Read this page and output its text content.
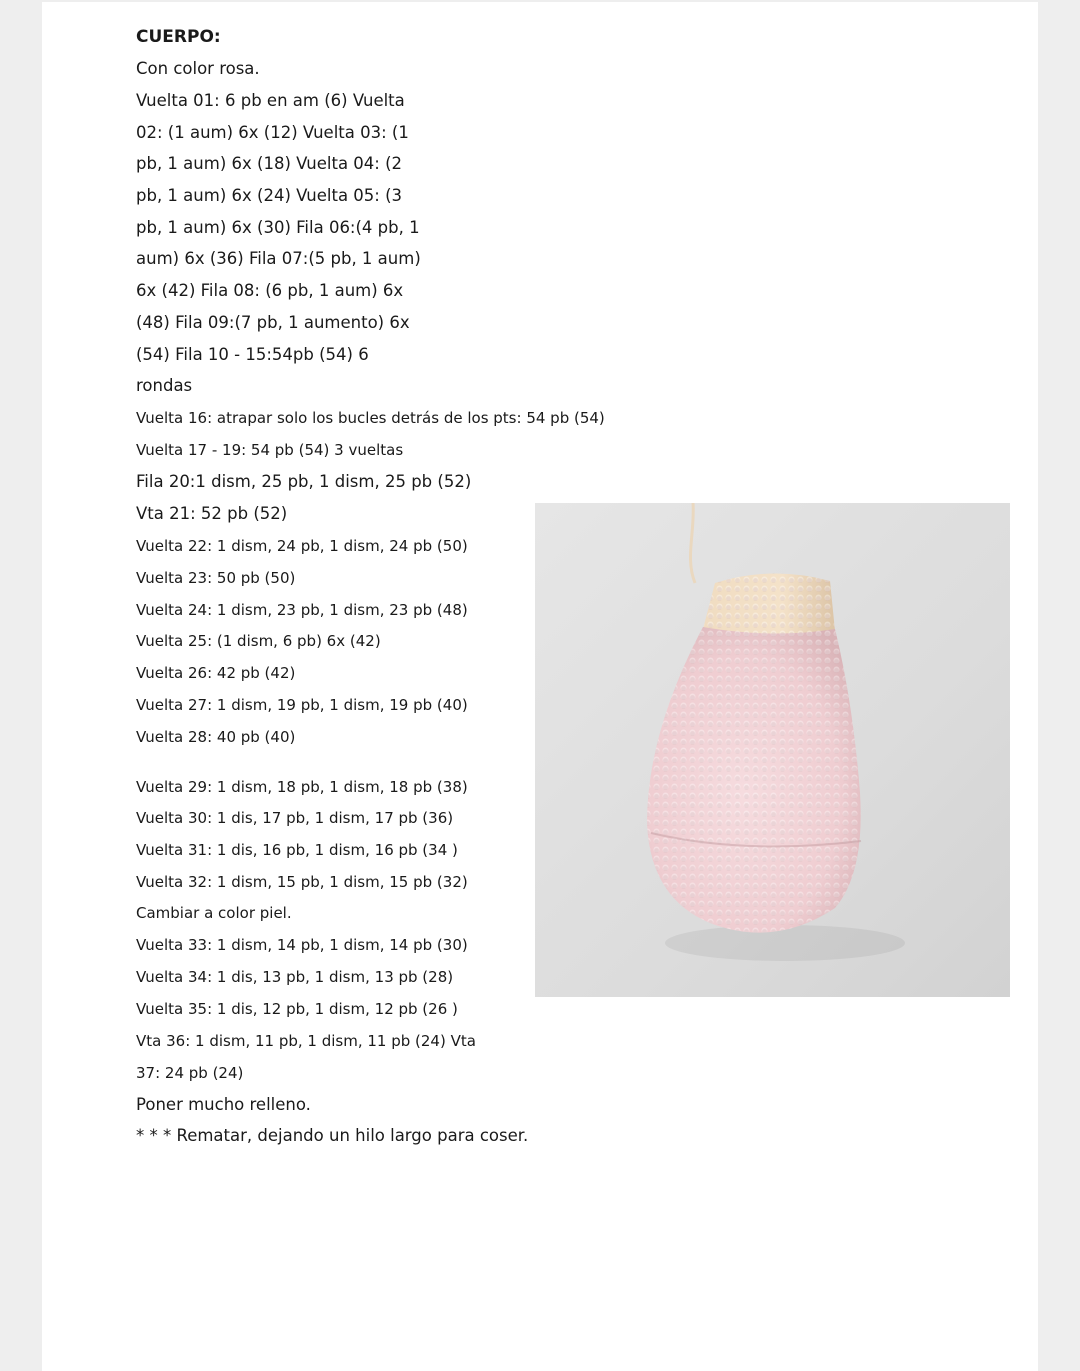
CUERPO:

Con color rosa.

Vuelta 01: 6 pb en am (6) Vuelta

02: (1 aum) 6x (12) Vuelta 03: (1

pb, 1 aum) 6x (18) Vuelta 04: (2

pb, 1 aum) 6x (24) Vuelta 05: (3

pb, 1 aum) 6x (30) Fila 06:(4 pb, 1

aum) 6x (36) Fila 07:(5 pb, 1 aum)

6x (42) Fila 08: (6 pb, 1 aum) 6x

(48) Fila 09:(7 pb, 1 aumento) 6x

(54) Fila 10 - 15:54pb (54) 6

rondas

Vuelta 16: atrapar solo los bucles detrás de los pts: 54 pb (54)

Vuelta 17 - 19: 54 pb (54) 3 vueltas

Fila 20:1 dism, 25 pb, 1 dism, 25 pb (52)

Vta 21: 52 pb (52)

Vuelta 22: 1 dism, 24 pb, 1 dism, 24 pb (50)

Vuelta 23: 50 pb (50)

Vuelta 24: 1 dism, 23 pb, 1 dism, 23 pb (48)

Vuelta 25: (1 dism, 6 pb) 6x (42)

Vuelta 26: 42 pb (42)

Vuelta 27: 1 dism, 19 pb, 1 dism, 19 pb (40)

Vuelta 28: 40 pb (40)

Vuelta 29: 1 dism, 18 pb, 1 dism, 18 pb (38)

Vuelta 30: 1 dis, 17 pb, 1 dism, 17 pb (36)

Vuelta 31: 1 dis, 16 pb, 1 dism, 16 pb (34 )

Vuelta 32: 1 dism, 15 pb, 1 dism, 15 pb (32)

Cambiar a color piel.

Vuelta 33: 1 dism, 14 pb, 1 dism, 14 pb (30)

Vuelta 34: 1 dis, 13 pb, 1 dism, 13 pb (28)

Vuelta 35: 1 dis, 12 pb, 1 dism, 12 pb (26 )

Vta 36: 1 dism, 11 pb, 1 dism, 11 pb (24) Vta

37: 24 pb (24)

Poner mucho relleno.

* * * Rematar, dejando un hilo largo para coser.
